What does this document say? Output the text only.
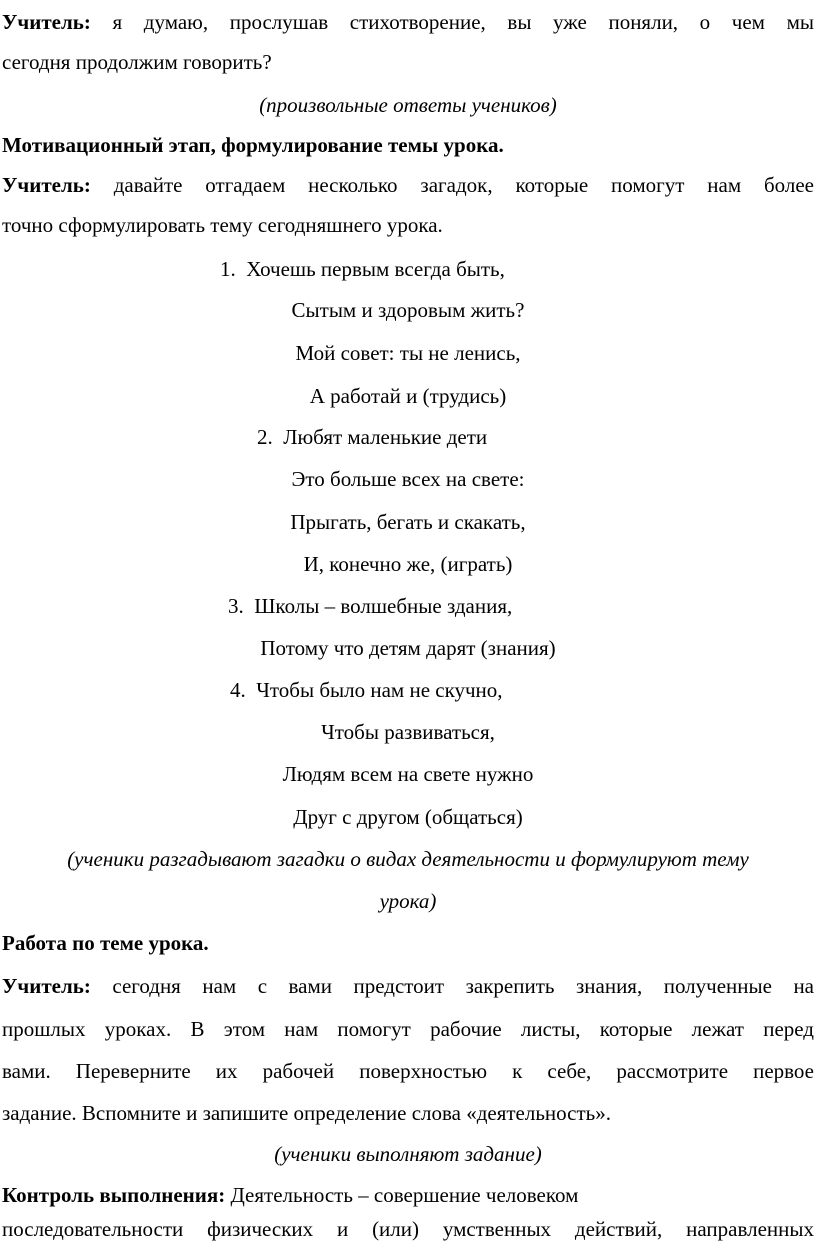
Учитель: я думаю, прослушав стихотворение, вы уже поняли, о чем мы
сегодня продолжим говорить?
(произвольные ответы учеников)
Мотивационный этап, формулирование темы урока.
Учитель: давайте отгадаем несколько загадок, которые помогут нам более
точно сформулировать тему сегодняшнего урока.
1. Хочешь первым всегда быть,
Сытым и здоровым жить?
Мой совет: ты не ленись,
А работай и (трудись)
2. Любят маленькие дети
Это больше всех на свете:
Прыгать, бегать и скакать,
И, конечно же, (играть)
3. Школы – волшебные здания,
Потому что детям дарят (знания)
4. Чтобы было нам не скучно,
Чтобы развиваться,
Людям всем на свете нужно
Друг с другом (общаться)
(ученики разгадывают загадки о видах деятельности и формулируют тему
урока)
Работа по теме урока.
Учитель: сегодня нам с вами предстоит закрепить знания, полученные на
прошлых уроках. В этом нам помогут рабочие листы, которые лежат перед
вами. Переверните их рабочей поверхностью к себе, рассмотрите первое
задание. Вспомните и запишите определение слова «деятельность».
(ученики выполняют задание)
Контроль выполнения: Деятельность – совершение человеком
последовательности физических и (или) умственных действий, направленных
